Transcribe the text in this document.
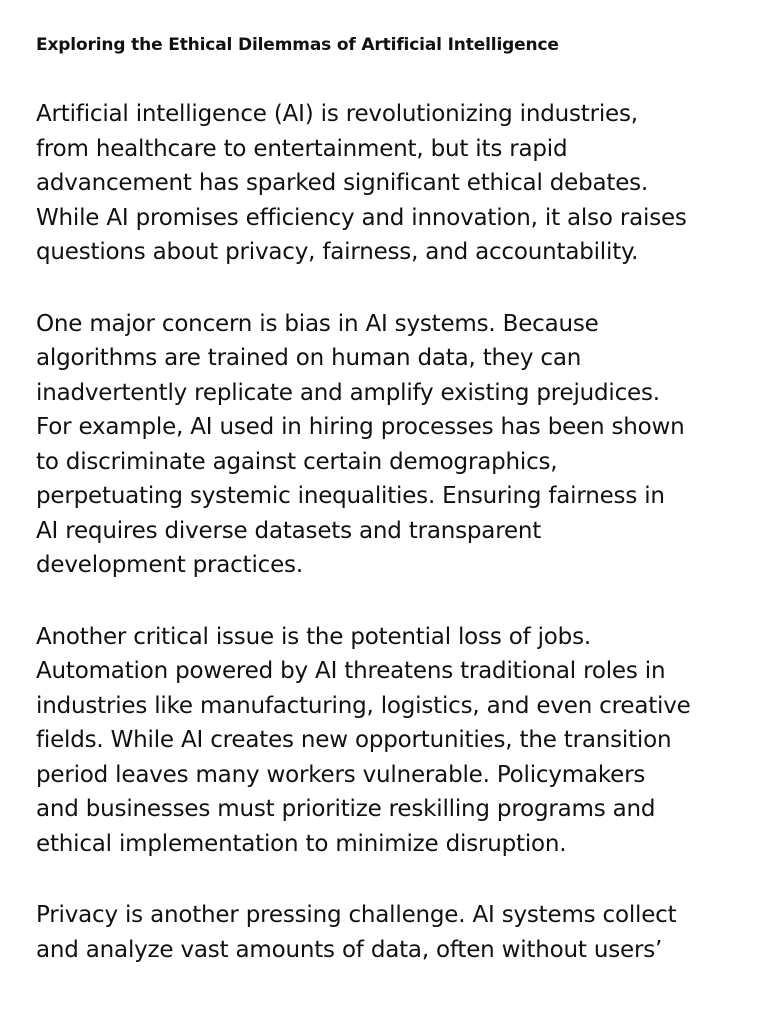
Exploring the Ethical Dilemmas of Artificial Intelligence

Artificial intelligence (AI) is revolutionizing industries,
from healthcare to entertainment, but its rapid
advancement has sparked significant ethical debates.
While AI promises efficiency and innovation, it also raises
questions about privacy, fairness, and accountability.

One major concern is bias in AI systems. Because
algorithms are trained on human data, they can
inadvertently replicate and amplify existing prejudices.
For example, AI used in hiring processes has been shown
to discriminate against certain demographics,
perpetuating systemic inequalities. Ensuring fairness in
AI requires diverse datasets and transparent
development practices.

Another critical issue is the potential loss of jobs.
Automation powered by AI threatens traditional roles in
industries like manufacturing, logistics, and even creative
fields. While AI creates new opportunities, the transition
period leaves many workers vulnerable. Policymakers
and businesses must prioritize reskilling programs and
ethical implementation to minimize disruption.

Privacy is another pressing challenge. AI systems collect
and analyze vast amounts of data, often without users’
